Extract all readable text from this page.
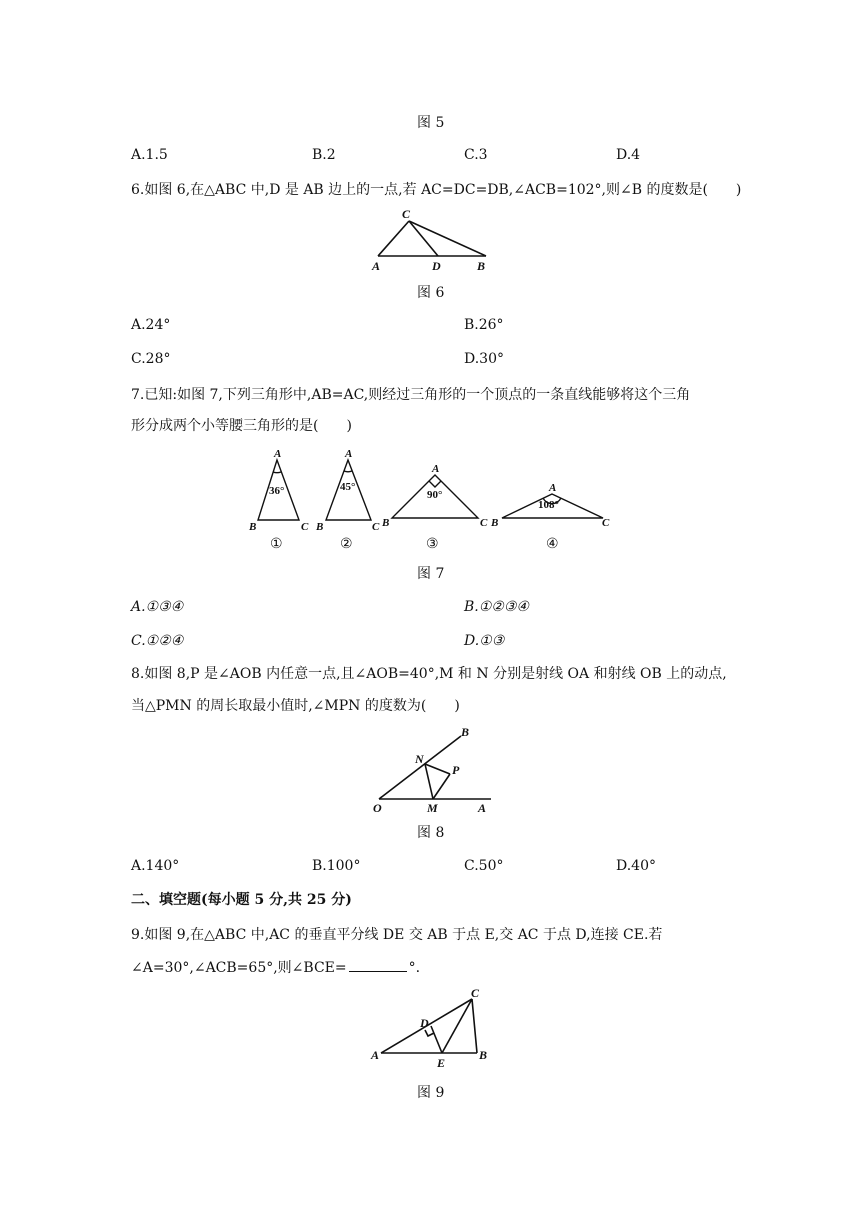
图 5
A.1.5	B.2	C.3	D.4
6.如图 6,在△ABC 中,D 是 AB 边上的一点,若 AC=DC=DB,∠ACB=102°,则∠B 的度数是(　　)
C
A	D	B
图 6
A.24°	B.26°
C.28°	D.30°
7.已知:如图 7,下列三角形中,AB=AC,则经过三角形的一个顶点的一条直线能够将这个三角
形分成两个小等腰三角形的是(　　)
A
B	C
A
B	C
A
B	C
A
B	C
36°	45°
90°
108°
①	②	③	④
图 7
A.①③④	B.①②③④
C.①②④	D.①③
8.如图 8,P 是∠AOB 内任意一点,且∠AOB=40°,M 和 N 分别是射线 OA 和射线 OB 上的动点,
当△PMN 的周长取最小值时,∠MPN 的度数为(　　)
B
N
P
O	M	A
图 8
A.140°	B.100°	C.50°	D.40°
二、填空题(每小题 5 分,共 25 分)
9.如图 9,在△ABC 中,AC 的垂直平分线 DE 交 AB 于点 E,交 AC 于点 D,连接 CE.若
∠A=30°,∠ACB=65°,则∠BCE=	°.
C
D
A
E
B
图 9
